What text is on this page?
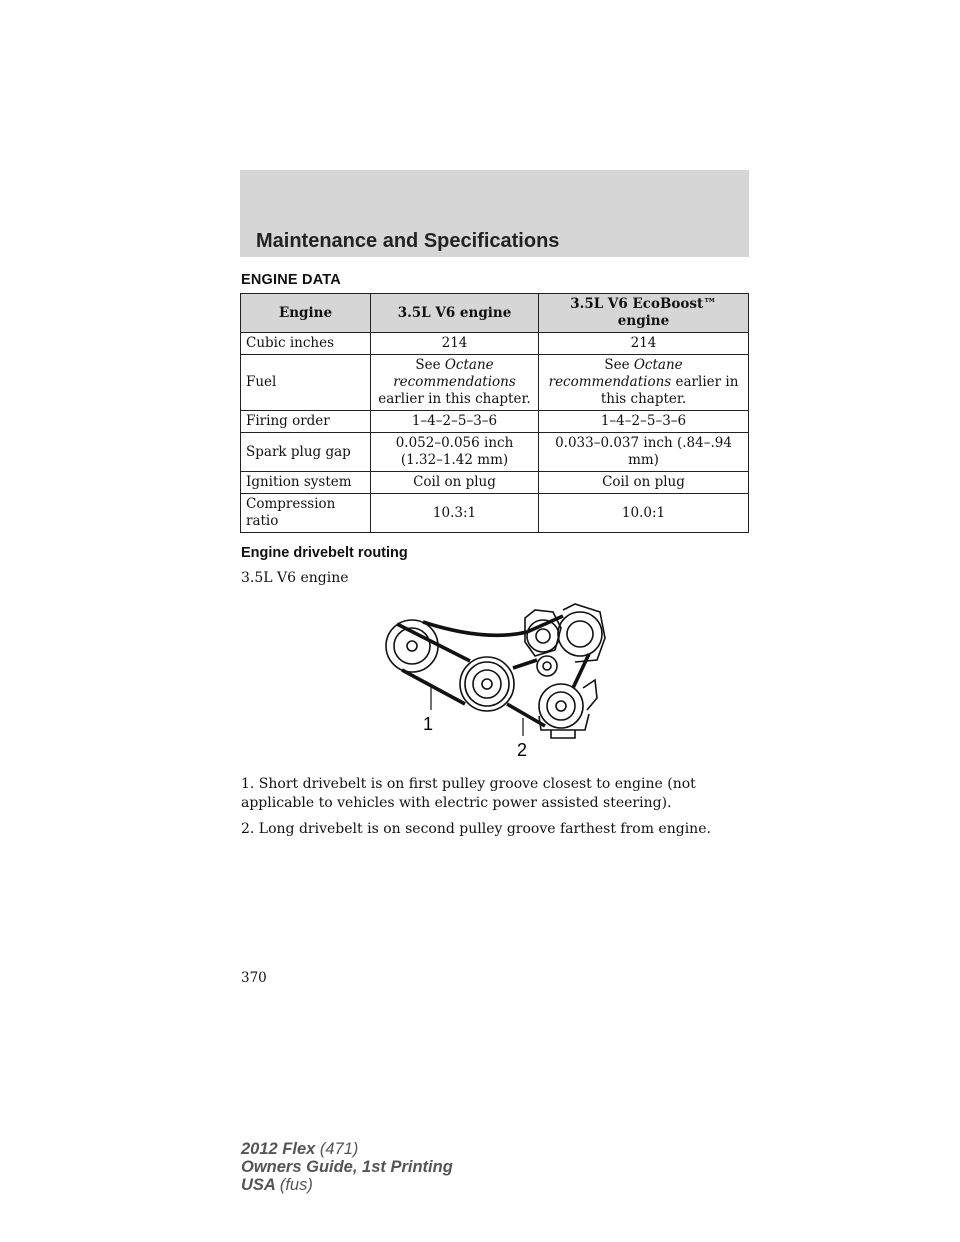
Maintenance and Specifications
ENGINE DATA
Engine	3.5L V6 engine	3.5L V6 EcoBoost™ engine
Cubic inches	214	214
Fuel	See Octane recommendations earlier in this chapter.	See Octane recommendations earlier in this chapter.
Firing order	1–4–2–5–3–6	1–4–2–5–3–6
Spark plug gap	0.052–0.056 inch (1.32–1.42 mm)	0.033–0.037 inch (.84–.94 mm)
Ignition system	Coil on plug	Coil on plug
Compression ratio	10.3:1	10.0:1
Engine drivebelt routing
3.5L V6 engine
1
2
1. Short drivebelt is on first pulley groove closest to engine (not applicable to vehicles with electric power assisted steering).
2. Long drivebelt is on second pulley groove farthest from engine.
370
2012 Flex (471)
Owners Guide, 1st Printing
USA (fus)
